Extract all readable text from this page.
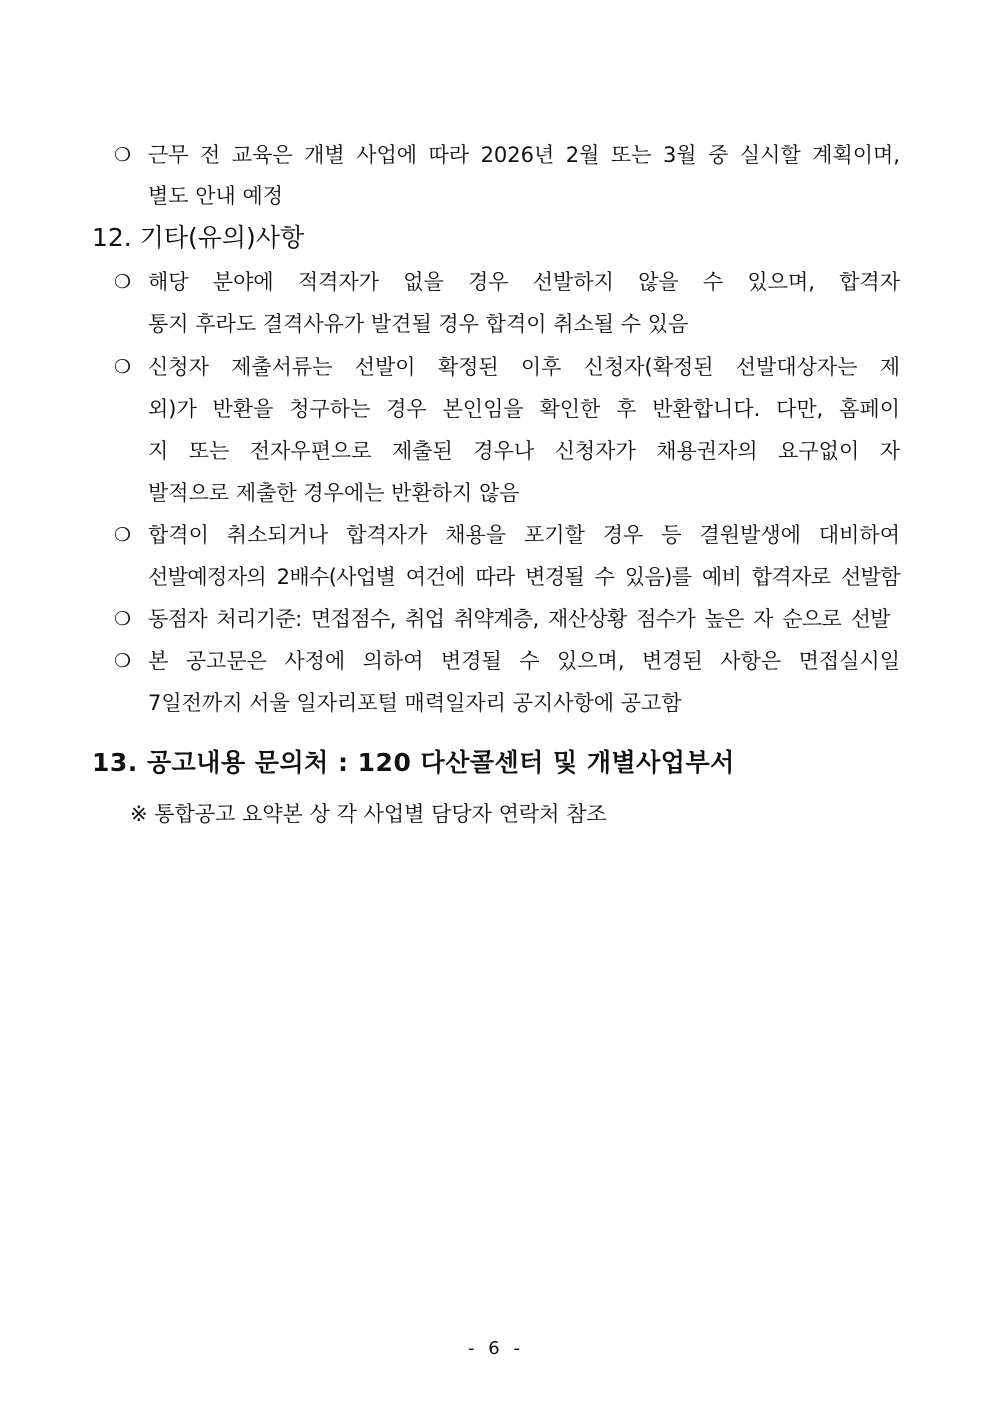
❍ 근무 전 교육은 개별 사업에 따라 2026년 2월 또는 3월 중 실시할 계획이며,
별도 안내 예정
12. 기타(유의)사항
❍ 해당 분야에 적격자가 없을 경우 선발하지 않을 수 있으며, 합격자
통지 후라도 결격사유가 발견될 경우 합격이 취소될 수 있음
❍ 신청자 제출서류는 선발이 확정된 이후 신청자(확정된 선발대상자는 제
외)가 반환을 청구하는 경우 본인임을 확인한 후 반환합니다. 다만, 홈페이
지 또는 전자우편으로 제출된 경우나 신청자가 채용권자의 요구없이 자
발적으로 제출한 경우에는 반환하지 않음
❍ 합격이 취소되거나 합격자가 채용을 포기할 경우 등 결원발생에 대비하여
선발예정자의 2배수(사업별 여건에 따라 변경될 수 있음)를 예비 합격자로 선발함
❍ 동점자 처리기준: 면접점수, 취업 취약계층, 재산상황 점수가 높은 자 순으로 선발
❍ 본 공고문은 사정에 의하여 변경될 수 있으며, 변경된 사항은 면접실시일
7일전까지 서울 일자리포털 매력일자리 공지사항에 공고함
13. 공고내용 문의처 : 120 다산콜센터 및 개별사업부서
※ 통합공고 요약본 상 각 사업별 담당자 연락처 참조
- 6 -
